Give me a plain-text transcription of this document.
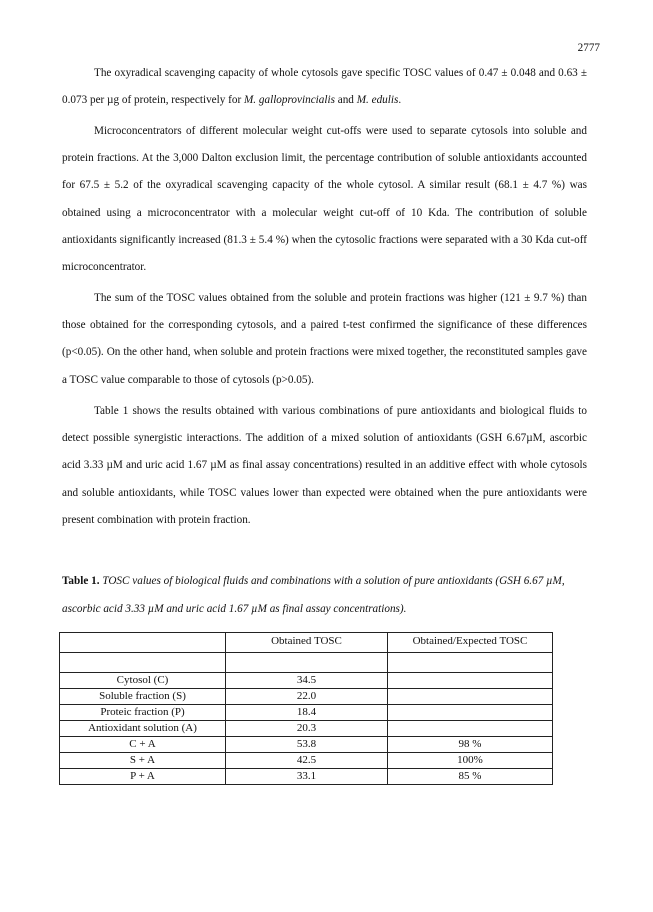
2777

The oxyradical scavenging capacity of whole cytosols gave specific TOSC values of 0.47 ± 0.048 and 0.63 ± 0.073 per µg of protein, respectively for M. galloprovincialis and M. edulis.

Microconcentrators of different molecular weight cut-offs were used to separate cytosols into soluble and protein fractions. At the 3,000 Dalton exclusion limit, the percentage contribution of soluble antioxidants accounted for 67.5 ± 5.2 of the oxyradical scavenging capacity of the whole cytosol. A similar result (68.1 ± 4.7 %) was obtained using a microconcentrator with a molecular weight cut-off of 10 Kda. The contribution of soluble antioxidants significantly increased (81.3 ± 5.4 %) when the cytosolic fractions were separated with a 30 Kda cut-off microconcentrator.

The sum of the TOSC values obtained from the soluble and protein fractions was higher (121 ± 9.7 %) than those obtained for the corresponding cytosols, and a paired t-test confirmed the significance of these differences (p<0.05). On the other hand, when soluble and protein fractions were mixed together, the reconstituted samples gave a TOSC value comparable to those of cytosols (p>0.05).

Table 1 shows the results obtained with various combinations of pure antioxidants and biological fluids to detect possible synergistic interactions. The addition of a mixed solution of antioxidants (GSH 6.67µM, ascorbic acid 3.33 µM and uric acid 1.67 µM as final assay concentrations) resulted in an additive effect with whole cytosols and soluble antioxidants, while TOSC values lower than expected were obtained when the pure antioxidants were present combination with protein fraction.

Table 1. TOSC values of biological fluids and combinations with a solution of pure antioxidants (GSH 6.67 µM, ascorbic acid 3.33 µM and uric acid 1.67 µM as final assay concentrations).

	Obtained TOSC	Obtained/Expected TOSC

Cytosol (C)	34.5	
Soluble fraction (S)	22.0	
Proteic fraction (P)	18.4	
Antioxidant solution (A)	20.3	
C + A	53.8	98 %
S + A	42.5	100%
P + A	33.1	85 %
